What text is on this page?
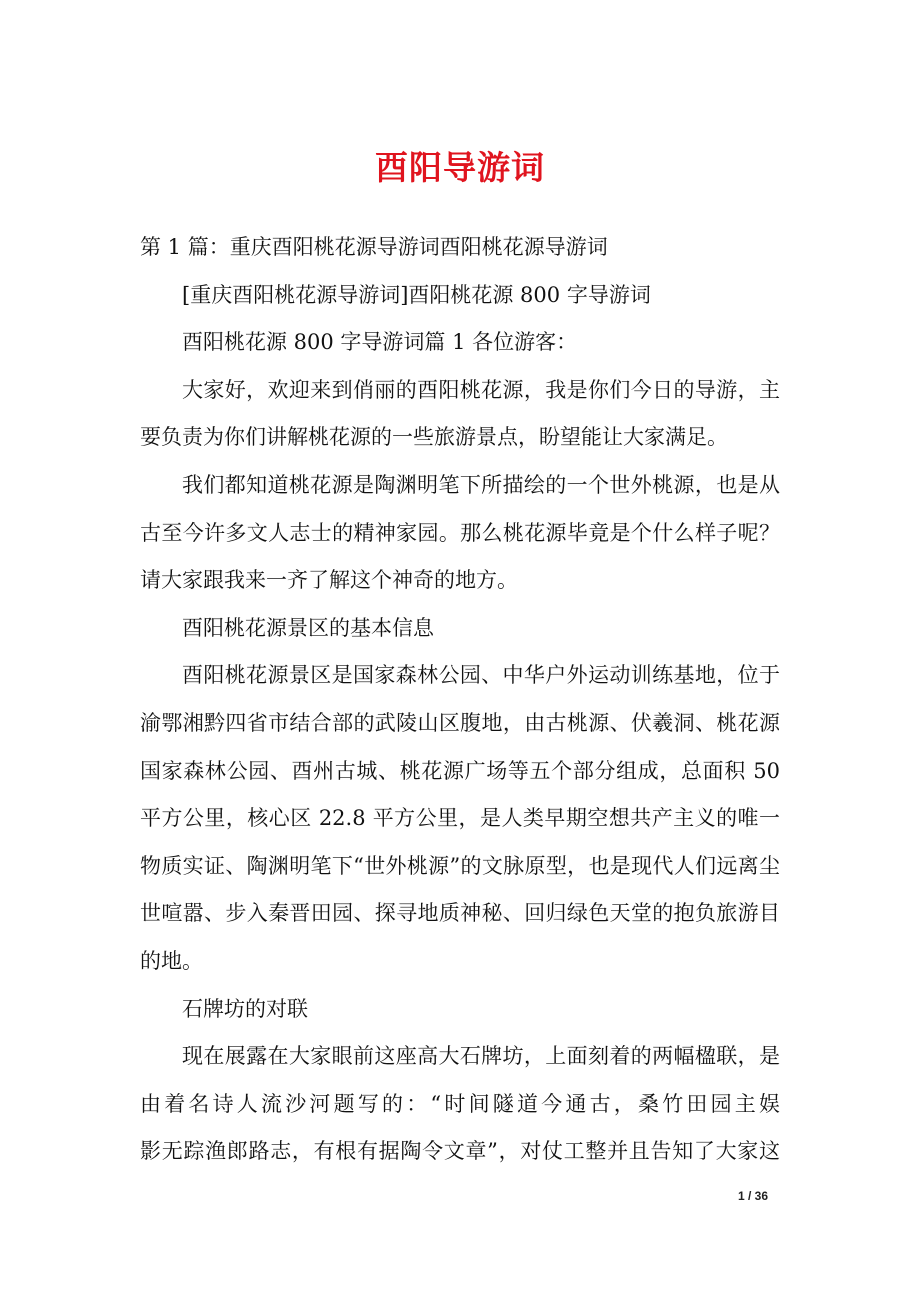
酉阳导游词
第 1 篇：重庆酉阳桃花源导游词酉阳桃花源导游词
[重庆酉阳桃花源导游词]酉阳桃花源 800 字导游词
酉阳桃花源 800 字导游词篇 1 各位游客：
大家好，欢迎来到俏丽的酉阳桃花源，我是你们今日的导游，主
要负责为你们讲解桃花源的一些旅游景点，盼望能让大家满足。
我们都知道桃花源是陶渊明笔下所描绘的一个世外桃源，也是从
古至今许多文人志士的精神家园。那么桃花源毕竟是个什么样子呢？
请大家跟我来一齐了解这个神奇的地方。
酉阳桃花源景区的基本信息
酉阳桃花源景区是国家森林公园、中华户外运动训练基地，位于
渝鄂湘黔四省市结合部的武陵山区腹地，由古桃源、伏羲洞、桃花源
国家森林公园、酉州古城、桃花源广场等五个部分组成，总面积 50
平方公里，核心区 22.8 平方公里，是人类早期空想共产主义的唯一
物质实证、陶渊明笔下“世外桃源”的文脉原型，也是现代人们远离尘
世喧嚣、步入秦晋田园、探寻地质神秘、回归绿色天堂的抱负旅游目
的地。
石牌坊的对联
现在展露在大家眼前这座高大石牌坊，上面刻着的两幅楹联，是
由着名诗人流沙河题写的：“时间隧道今通古，桑竹田园主娱
影无踪渔郎路志，有根有据陶令文章”，对仗工整并且告知了大家这
1 / 36
